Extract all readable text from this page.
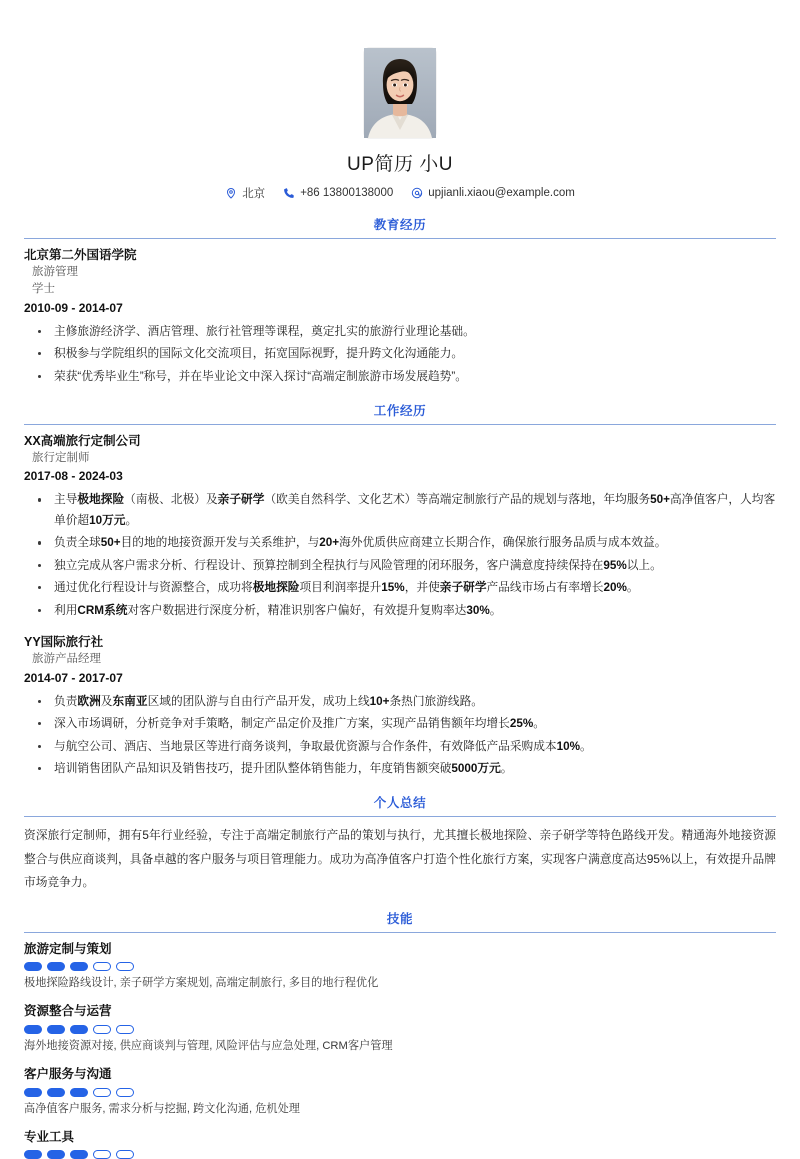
UP简历 小U
北京	+86 13800138000	upjianli.xiaou@example.com
教育经历
北京第二外国语学院
旅游管理
学士
2010-09 - 2014-07
主修旅游经济学、酒店管理、旅行社管理等课程，奠定扎实的旅游行业理论基础。
积极参与学院组织的国际文化交流项目，拓宽国际视野，提升跨文化沟通能力。
荣获“优秀毕业生”称号，并在毕业论文中深入探讨“高端定制旅游市场发展趋势”。
工作经历
XX高端旅行定制公司
旅行定制师
2017-08 - 2024-03
主导极地探险（南极、北极）及亲子研学（欧美自然科学、文化艺术）等高端定制旅行产品的规划与落地，年均服务50+高净值客户，人均客单价超10万元。
负责全球50+目的地的地接资源开发与关系维护，与20+海外优质供应商建立长期合作，确保旅行服务品质与成本效益。
独立完成从客户需求分析、行程设计、预算控制到全程执行与风险管理的闭环服务，客户满意度持续保持在95%以上。
通过优化行程设计与资源整合，成功将极地探险项目利润率提升15%，并使亲子研学产品线市场占有率增长20%。
利用CRM系统对客户数据进行深度分析，精准识别客户偏好，有效提升复购率达30%。
YY国际旅行社
旅游产品经理
2014-07 - 2017-07
负责欧洲及东南亚区域的团队游与自由行产品开发，成功上线10+条热门旅游线路。
深入市场调研，分析竞争对手策略，制定产品定价及推广方案，实现产品销售额年均增长25%。
与航空公司、酒店、当地景区等进行商务谈判，争取最优资源与合作条件，有效降低产品采购成本10%。
培训销售团队产品知识及销售技巧，提升团队整体销售能力，年度销售额突破5000万元。
个人总结
资深旅行定制师，拥有5年行业经验，专注于高端定制旅行产品的策划与执行，尤其擅长极地探险、亲子研学等特色路线开发。精通海外地接资源整合与供应商谈判，具备卓越的客户服务与项目管理能力。成功为高净值客户打造个性化旅行方案，实现客户满意度高达95%以上，有效提升品牌市场竞争力。
技能
旅游定制与策划
极地探险路线设计, 亲子研学方案规划, 高端定制旅行, 多目的地行程优化
资源整合与运营
海外地接资源对接, 供应商谈判与管理, 风险评估与应急处理, CRM客户管理
客户服务与沟通
高净值客户服务, 需求分析与挖掘, 跨文化沟通, 危机处理
专业工具
